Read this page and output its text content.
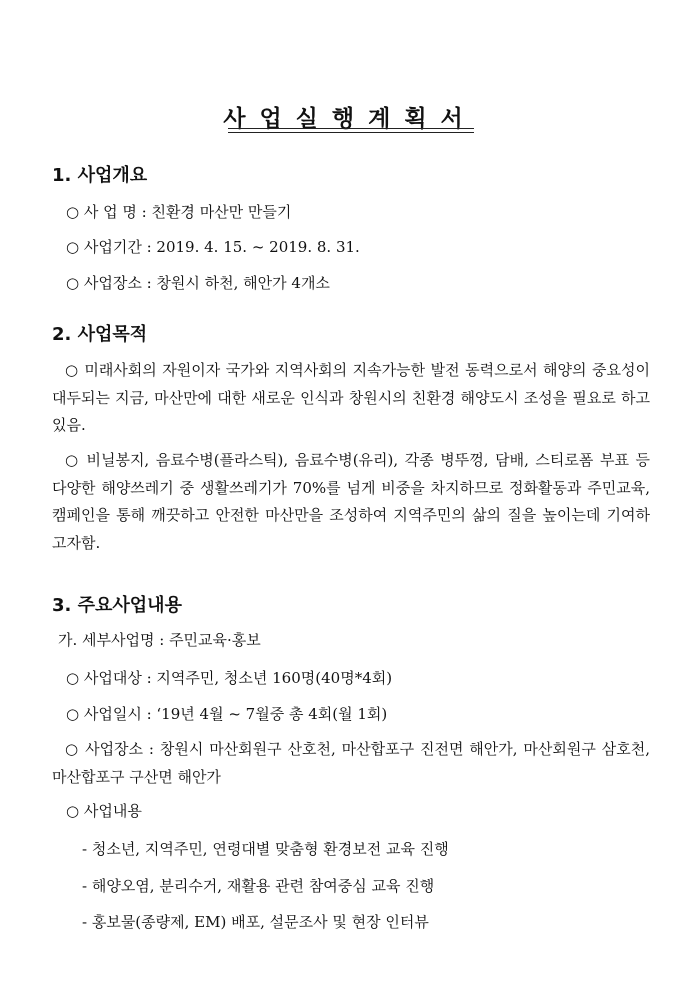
사업실행계획서
1. 사업개요
○ 사 업 명 : 친환경 마산만 만들기
○ 사업기간 : 2019. 4. 15. ~ 2019. 8. 31.
○ 사업장소 : 창원시 하천, 해안가 4개소
2. 사업목적
○ 미래사회의 자원이자 국가와 지역사회의 지속가능한 발전 동력으로서 해양의 중요성이 대두되는 지금, 마산만에 대한 새로운 인식과 창원시의 친환경 해양도시 조성을 필요로 하고 있음.
○ 비닐봉지, 음료수병(플라스틱), 음료수병(유리), 각종 병뚜껑, 담배, 스티로폼 부표 등 다양한 해양쓰레기 중 생활쓰레기가 70%를 넘게 비중을 차지하므로 정화활동과 주민교육, 캠페인을 통해 깨끗하고 안전한 마산만을 조성하여 지역주민의 삶의 질을 높이는데 기여하고자함.
3. 주요사업내용
가. 세부사업명 : 주민교육·홍보
○ 사업대상 : 지역주민, 청소년 160명(40명*4회)
○ 사업일시 : ‘19년 4월 ~ 7월중 총 4회(월 1회)
○ 사업장소 : 창원시 마산회원구 산호천, 마산합포구 진전면 해안가, 마산회원구 삼호천, 마산합포구 구산면 해안가
○ 사업내용
- 청소년, 지역주민, 연령대별 맞춤형 환경보전 교육 진행
- 해양오염, 분리수거, 재활용 관련 참여중심 교육 진행
- 홍보물(종량제, EM) 배포, 설문조사 및 현장 인터뷰
